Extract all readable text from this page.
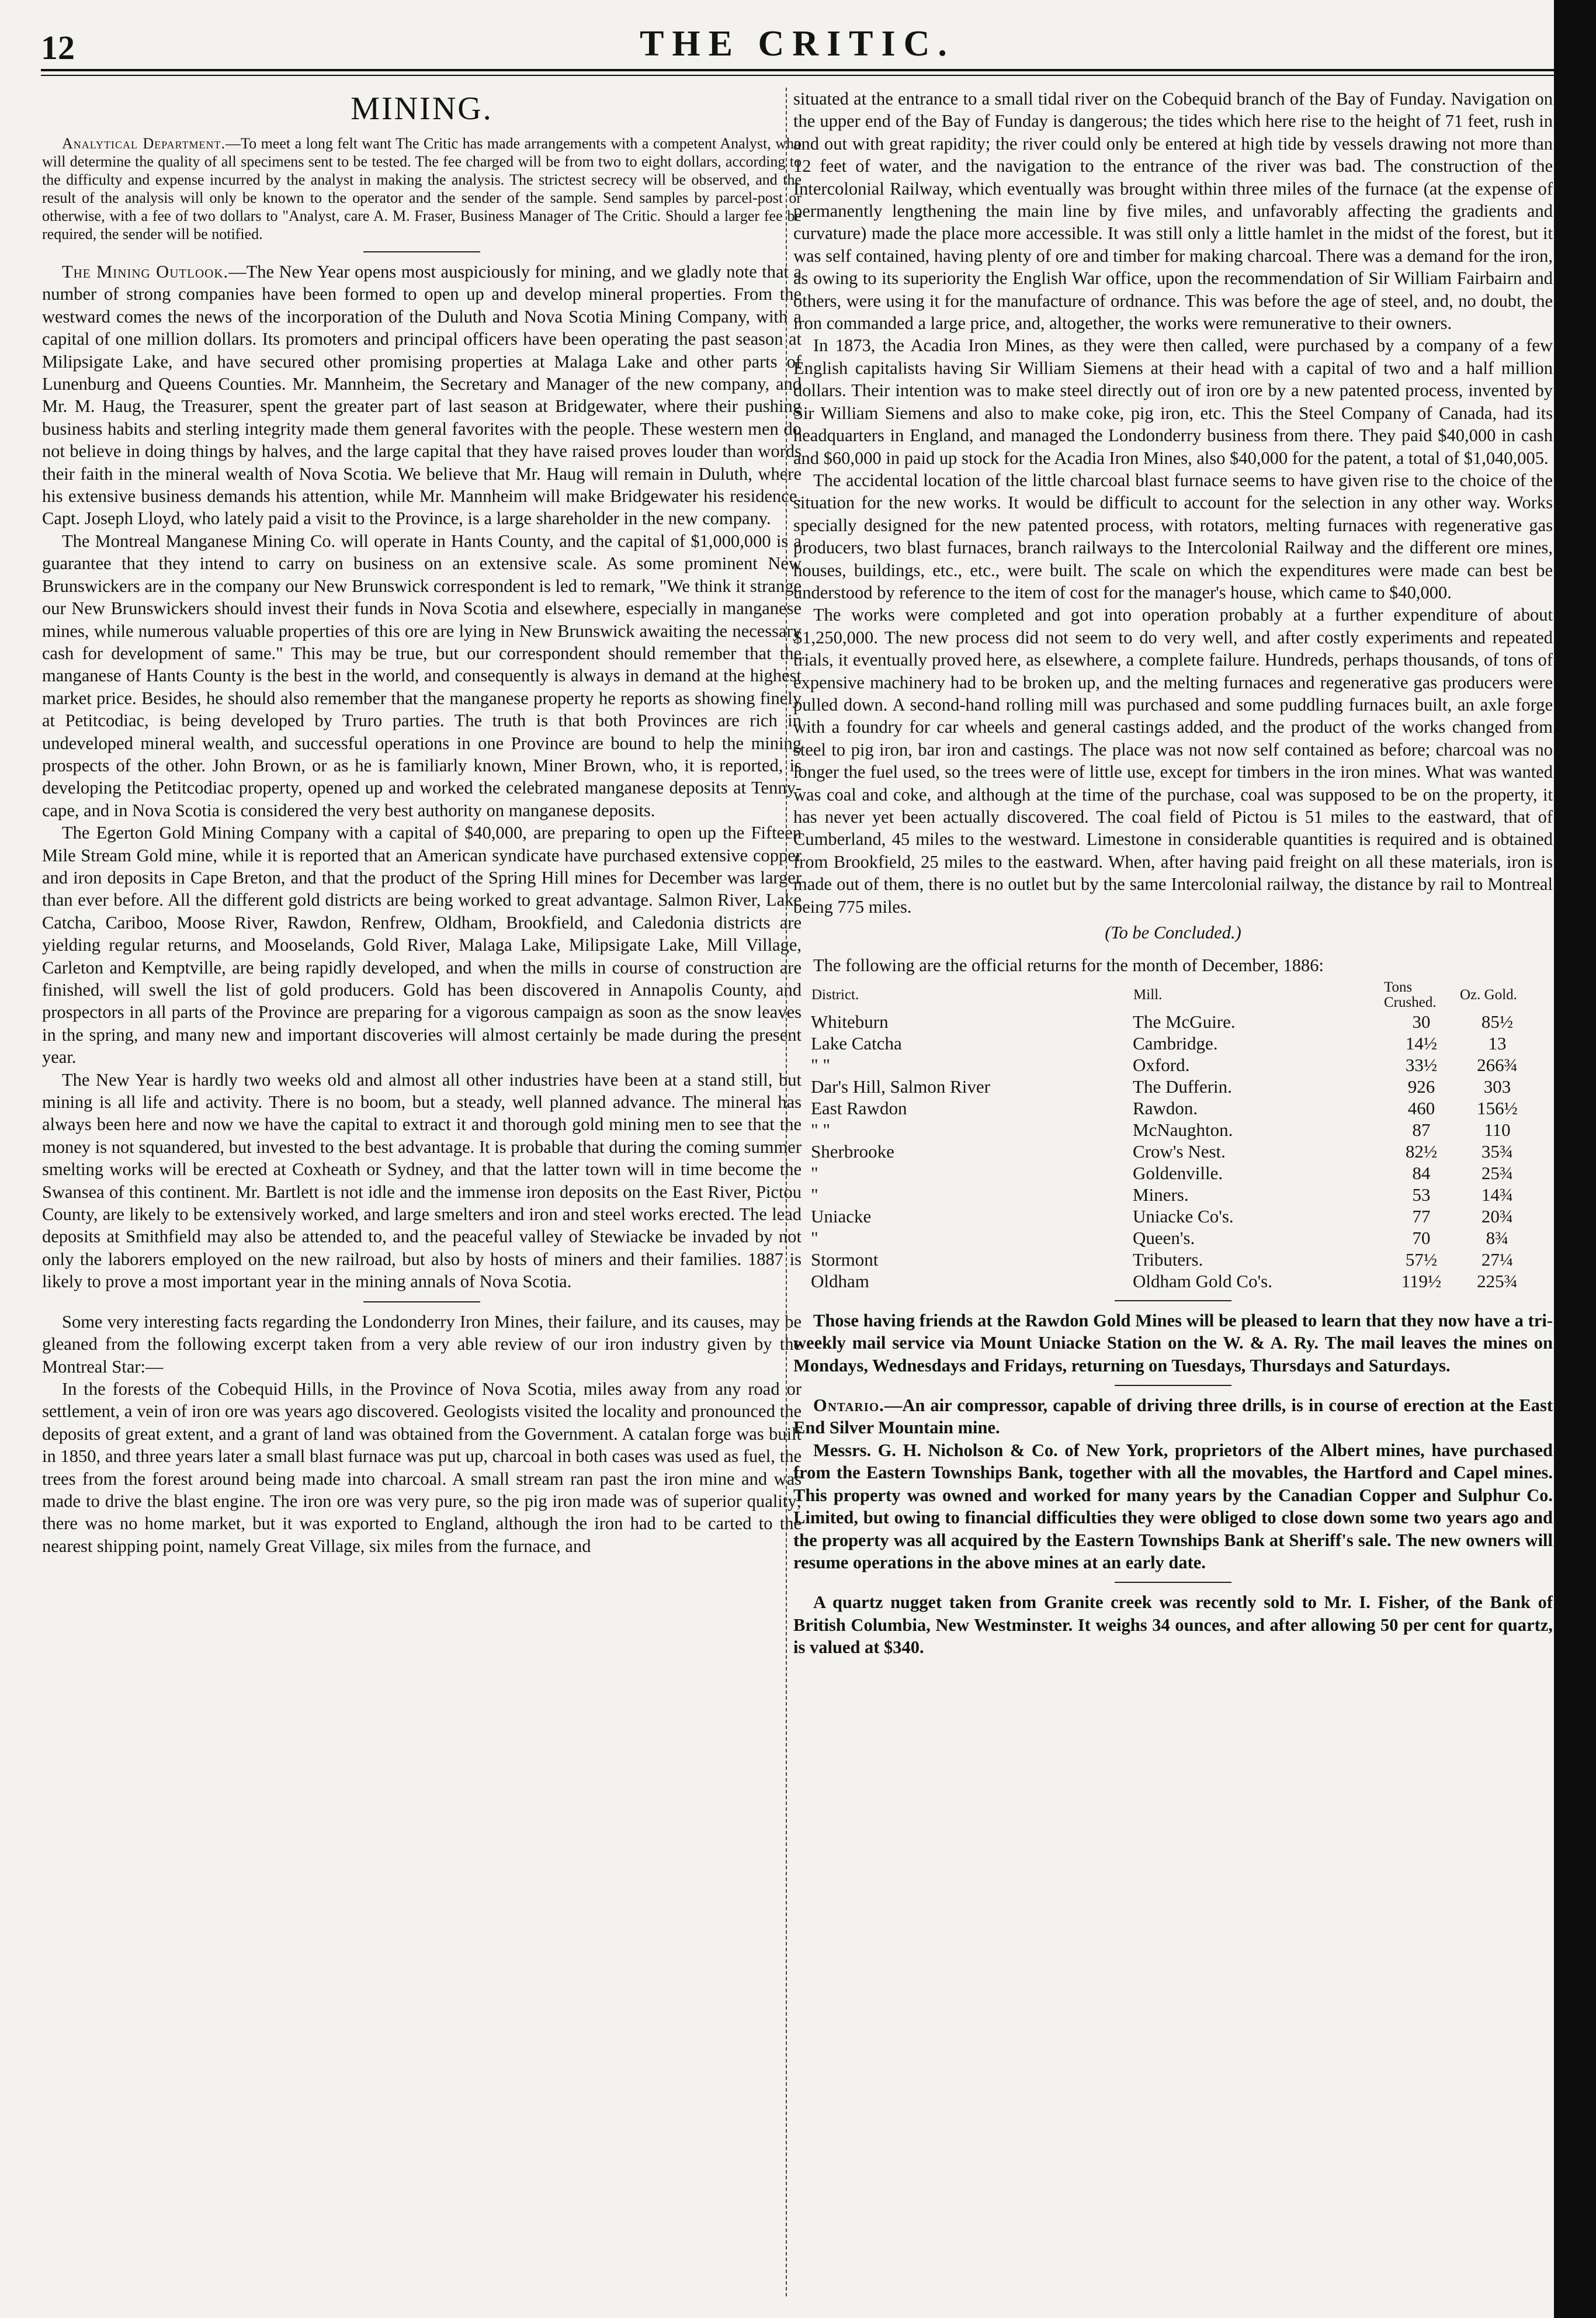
12	THE CRITIC.
MINING.

Analytical Department.—To meet a long felt want The Critic has made arrangements with a competent Analyst, who will determine the quality of all specimens sent to be tested. The fee charged will be from two to eight dollars, according to the difficulty and expense incurred by the analyst in making the analysis. The strictest secrecy will be observed, and the result of the analysis will only be known to the operator and the sender of the sample. Send samples by parcel-post or otherwise, with a fee of two dollars to "Analyst, care A. M. Fraser, Business Manager of The Critic. Should a larger fee be required, the sender will be notified.

The Mining Outlook.—The New Year opens most auspiciously for mining, and we gladly note that a number of strong companies have been formed to open up and develop mineral properties. From the westward comes the news of the incorporation of the Duluth and Nova Scotia Mining Company, with a capital of one million dollars. Its promoters and principal officers have been operating the past season at Milipsigate Lake, and have secured other promising properties at Malaga Lake and other parts of Lunenburg and Queens Counties. Mr. Mannheim, the Secretary and Manager of the new company, and Mr. M. Haug, the Treasurer, spent the greater part of last season at Bridgewater, where their pushing business habits and sterling integrity made them general favorites with the people. These western men do not believe in doing things by halves, and the large capital that they have raised proves louder than words their faith in the mineral wealth of Nova Scotia. We believe that Mr. Haug will remain in Duluth, where his extensive business demands his attention, while Mr. Mannheim will make Bridgewater his residence. Capt. Joseph Lloyd, who lately paid a visit to the Province, is a large shareholder in the new company.

The Montreal Manganese Mining Co. will operate in Hants County, and the capital of $1,000,000 is a guarantee that they intend to carry on business on an extensive scale. As some prominent New Brunswickers are in the company our New Brunswick correspondent is led to remark, "We think it strange our New Brunswickers should invest their funds in Nova Scotia and elsewhere, especially in manganese mines, while numerous valuable properties of this ore are lying in New Brunswick awaiting the necessary cash for development of same." This may be true, but our correspondent should remember that the manganese of Hants County is the best in the world, and consequently is always in demand at the highest market price. Besides, he should also remember that the manganese property he reports as showing finely at Petitcodiac, is being developed by Truro parties. The truth is that both Provinces are rich in undeveloped mineral wealth, and successful operations in one Province are bound to help the mining prospects of the other. John Brown, or as he is familiarly known, Miner Brown, who, it is reported, is developing the Petitcodiac property, opened up and worked the celebrated manganese deposits at Tenny-cape, and in Nova Scotia is considered the very best authority on manganese deposits.

The Egerton Gold Mining Company with a capital of $40,000, are preparing to open up the Fifteen Mile Stream Gold mine, while it is reported that an American syndicate have purchased extensive copper and iron deposits in Cape Breton, and that the product of the Spring Hill mines for December was larger than ever before. All the different gold districts are being worked to great advantage. Salmon River, Lake Catcha, Cariboo, Moose River, Rawdon, Renfrew, Oldham, Brookfield, and Caledonia districts are yielding regular returns, and Mooselands, Gold River, Malaga Lake, Milipsigate Lake, Mill Village, Carleton and Kemptville, are being rapidly developed, and when the mills in course of construction are finished, will swell the list of gold producers. Gold has been discovered in Annapolis County, and prospectors in all parts of the Province are preparing for a vigorous campaign as soon as the snow leaves in the spring, and many new and important discoveries will almost certainly be made during the present year.

The New Year is hardly two weeks old and almost all other industries have been at a stand still, but mining is all life and activity. There is no boom, but a steady, well planned advance. The mineral has always been here and now we have the capital to extract it and thorough gold mining men to see that the money is not squandered, but invested to the best advantage. It is probable that during the coming summer smelting works will be erected at Coxheath or Sydney, and that the latter town will in time become the Swansea of this continent. Mr. Bartlett is not idle and the immense iron deposits on the East River, Pictou County, are likely to be extensively worked, and large smelters and iron and steel works erected. The lead deposits at Smithfield may also be attended to, and the peaceful valley of Stewiacke be invaded by not only the laborers employed on the new railroad, but also by hosts of miners and their families. 1887 is likely to prove a most important year in the mining annals of Nova Scotia.

Some very interesting facts regarding the Londonderry Iron Mines, their failure, and its causes, may be gleaned from the following excerpt taken from a very able review of our iron industry given by the Montreal Star:—

In the forests of the Cobequid Hills, in the Province of Nova Scotia, miles away from any road or settlement, a vein of iron ore was years ago discovered. Geologists visited the locality and pronounced the deposits of great extent, and a grant of land was obtained from the Government. A catalan forge was built in 1850, and three years later a small blast furnace was put up, charcoal in both cases was used as fuel, the trees from the forest around being made into charcoal. A small stream ran past the iron mine and was made to drive the blast engine. The iron ore was very pure, so the pig iron made was of superior quality; there was no home market, but it was exported to England, although the iron had to be carted to the nearest shipping point, namely Great Village, six miles from the furnace, and

situated at the entrance to a small tidal river on the Cobequid branch of the Bay of Funday. Navigation on the upper end of the Bay of Funday is dangerous; the tides which here rise to the height of 71 feet, rush in and out with great rapidity; the river could only be entered at high tide by vessels drawing not more than 12 feet of water, and the navigation to the entrance of the river was bad. The construction of the Intercolonial Railway, which eventually was brought within three miles of the furnace (at the expense of permanently lengthening the main line by five miles, and unfavorably affecting the gradients and curvature) made the place more accessible. It was still only a little hamlet in the midst of the forest, but it was self contained, having plenty of ore and timber for making charcoal. There was a demand for the iron, as owing to its superiority the English War office, upon the recommendation of Sir William Fairbairn and others, were using it for the manufacture of ordnance. This was before the age of steel, and, no doubt, the iron commanded a large price, and, altogether, the works were remunerative to their owners.

In 1873, the Acadia Iron Mines, as they were then called, were purchased by a company of a few English capitalists having Sir William Siemens at their head with a capital of two and a half million dollars. Their intention was to make steel directly out of iron ore by a new patented process, invented by Sir William Siemens and also to make coke, pig iron, etc. This the Steel Company of Canada, had its headquarters in England, and managed the Londonderry business from there. They paid $40,000 in cash and $60,000 in paid up stock for the Acadia Iron Mines, also $40,000 for the patent, a total of $1,040,005.

The accidental location of the little charcoal blast furnace seems to have given rise to the choice of the situation for the new works. It would be difficult to account for the selection in any other way. Works specially designed for the new patented process, with rotators, melting furnaces with regenerative gas producers, two blast furnaces, branch railways to the Intercolonial Railway and the different ore mines, houses, buildings, etc., etc., were built. The scale on which the expenditures were made can best be understood by reference to the item of cost for the manager's house, which came to $40,000.

The works were completed and got into operation probably at a further expenditure of about $1,250,000. The new process did not seem to do very well, and after costly experiments and repeated trials, it eventually proved here, as elsewhere, a complete failure. Hundreds, perhaps thousands, of tons of expensive machinery had to be broken up, and the melting furnaces and regenerative gas producers were pulled down. A second-hand rolling mill was purchased and some puddling furnaces built, an axle forge with a foundry for car wheels and general castings added, and the product of the works changed from steel to pig iron, bar iron and castings. The place was not now self contained as before; charcoal was no longer the fuel used, so the trees were of little use, except for timbers in the iron mines. What was wanted was coal and coke, and although at the time of the purchase, coal was supposed to be on the property, it has never yet been actually discovered. The coal field of Pictou is 51 miles to the eastward, that of Cumberland, 45 miles to the westward. Limestone in considerable quantities is required and is obtained from Brookfield, 25 miles to the eastward. When, after having paid freight on all these materials, iron is made out of them, there is no outlet but by the same Intercolonial railway, the distance by rail to Montreal being 775 miles.

(To be Concluded.)

The following are the official returns for the month of December, 1886:

District.	Mill.	Tons Crushed.	Oz. Gold.
Whiteburn	The McGuire.	30	85½
Lake Catcha	Cambridge.	14½	13
" "	Oxford.	33½	266¾
Dar's Hill, Salmon River	The Dufferin.	926	303
East Rawdon	Rawdon.	460	156½
" "	McNaughton.	87	110
Sherbrooke	Crow's Nest.	82½	35¾
"	Goldenville.	84	25¾
"	Miners.	53	14¾
Uniacke	Uniacke Co's.	77	20¾
"	Queen's.	70	8¾
Stormont	Tributers.	57½	27¼
Oldham	Oldham Gold Co's.	119½	225¾

Those having friends at the Rawdon Gold Mines will be pleased to learn that they now have a tri-weekly mail service via Mount Uniacke Station on the W. & A. Ry. The mail leaves the mines on Mondays, Wednesdays and Fridays, returning on Tuesdays, Thursdays and Saturdays.

Ontario.—An air compressor, capable of driving three drills, is in course of erection at the East End Silver Mountain mine.

Messrs. G. H. Nicholson & Co. of New York, proprietors of the Albert mines, have purchased from the Eastern Townships Bank, together with all the movables, the Hartford and Capel mines. This property was owned and worked for many years by the Canadian Copper and Sulphur Co. Limited, but owing to financial difficulties they were obliged to close down some two years ago and the property was all acquired by the Eastern Townships Bank at Sheriff's sale. The new owners will resume operations in the above mines at an early date.

A quartz nugget taken from Granite creek was recently sold to Mr. I. Fisher, of the Bank of British Columbia, New Westminster. It weighs 34 ounces, and after allowing 50 per cent for quartz, is valued at $340.
